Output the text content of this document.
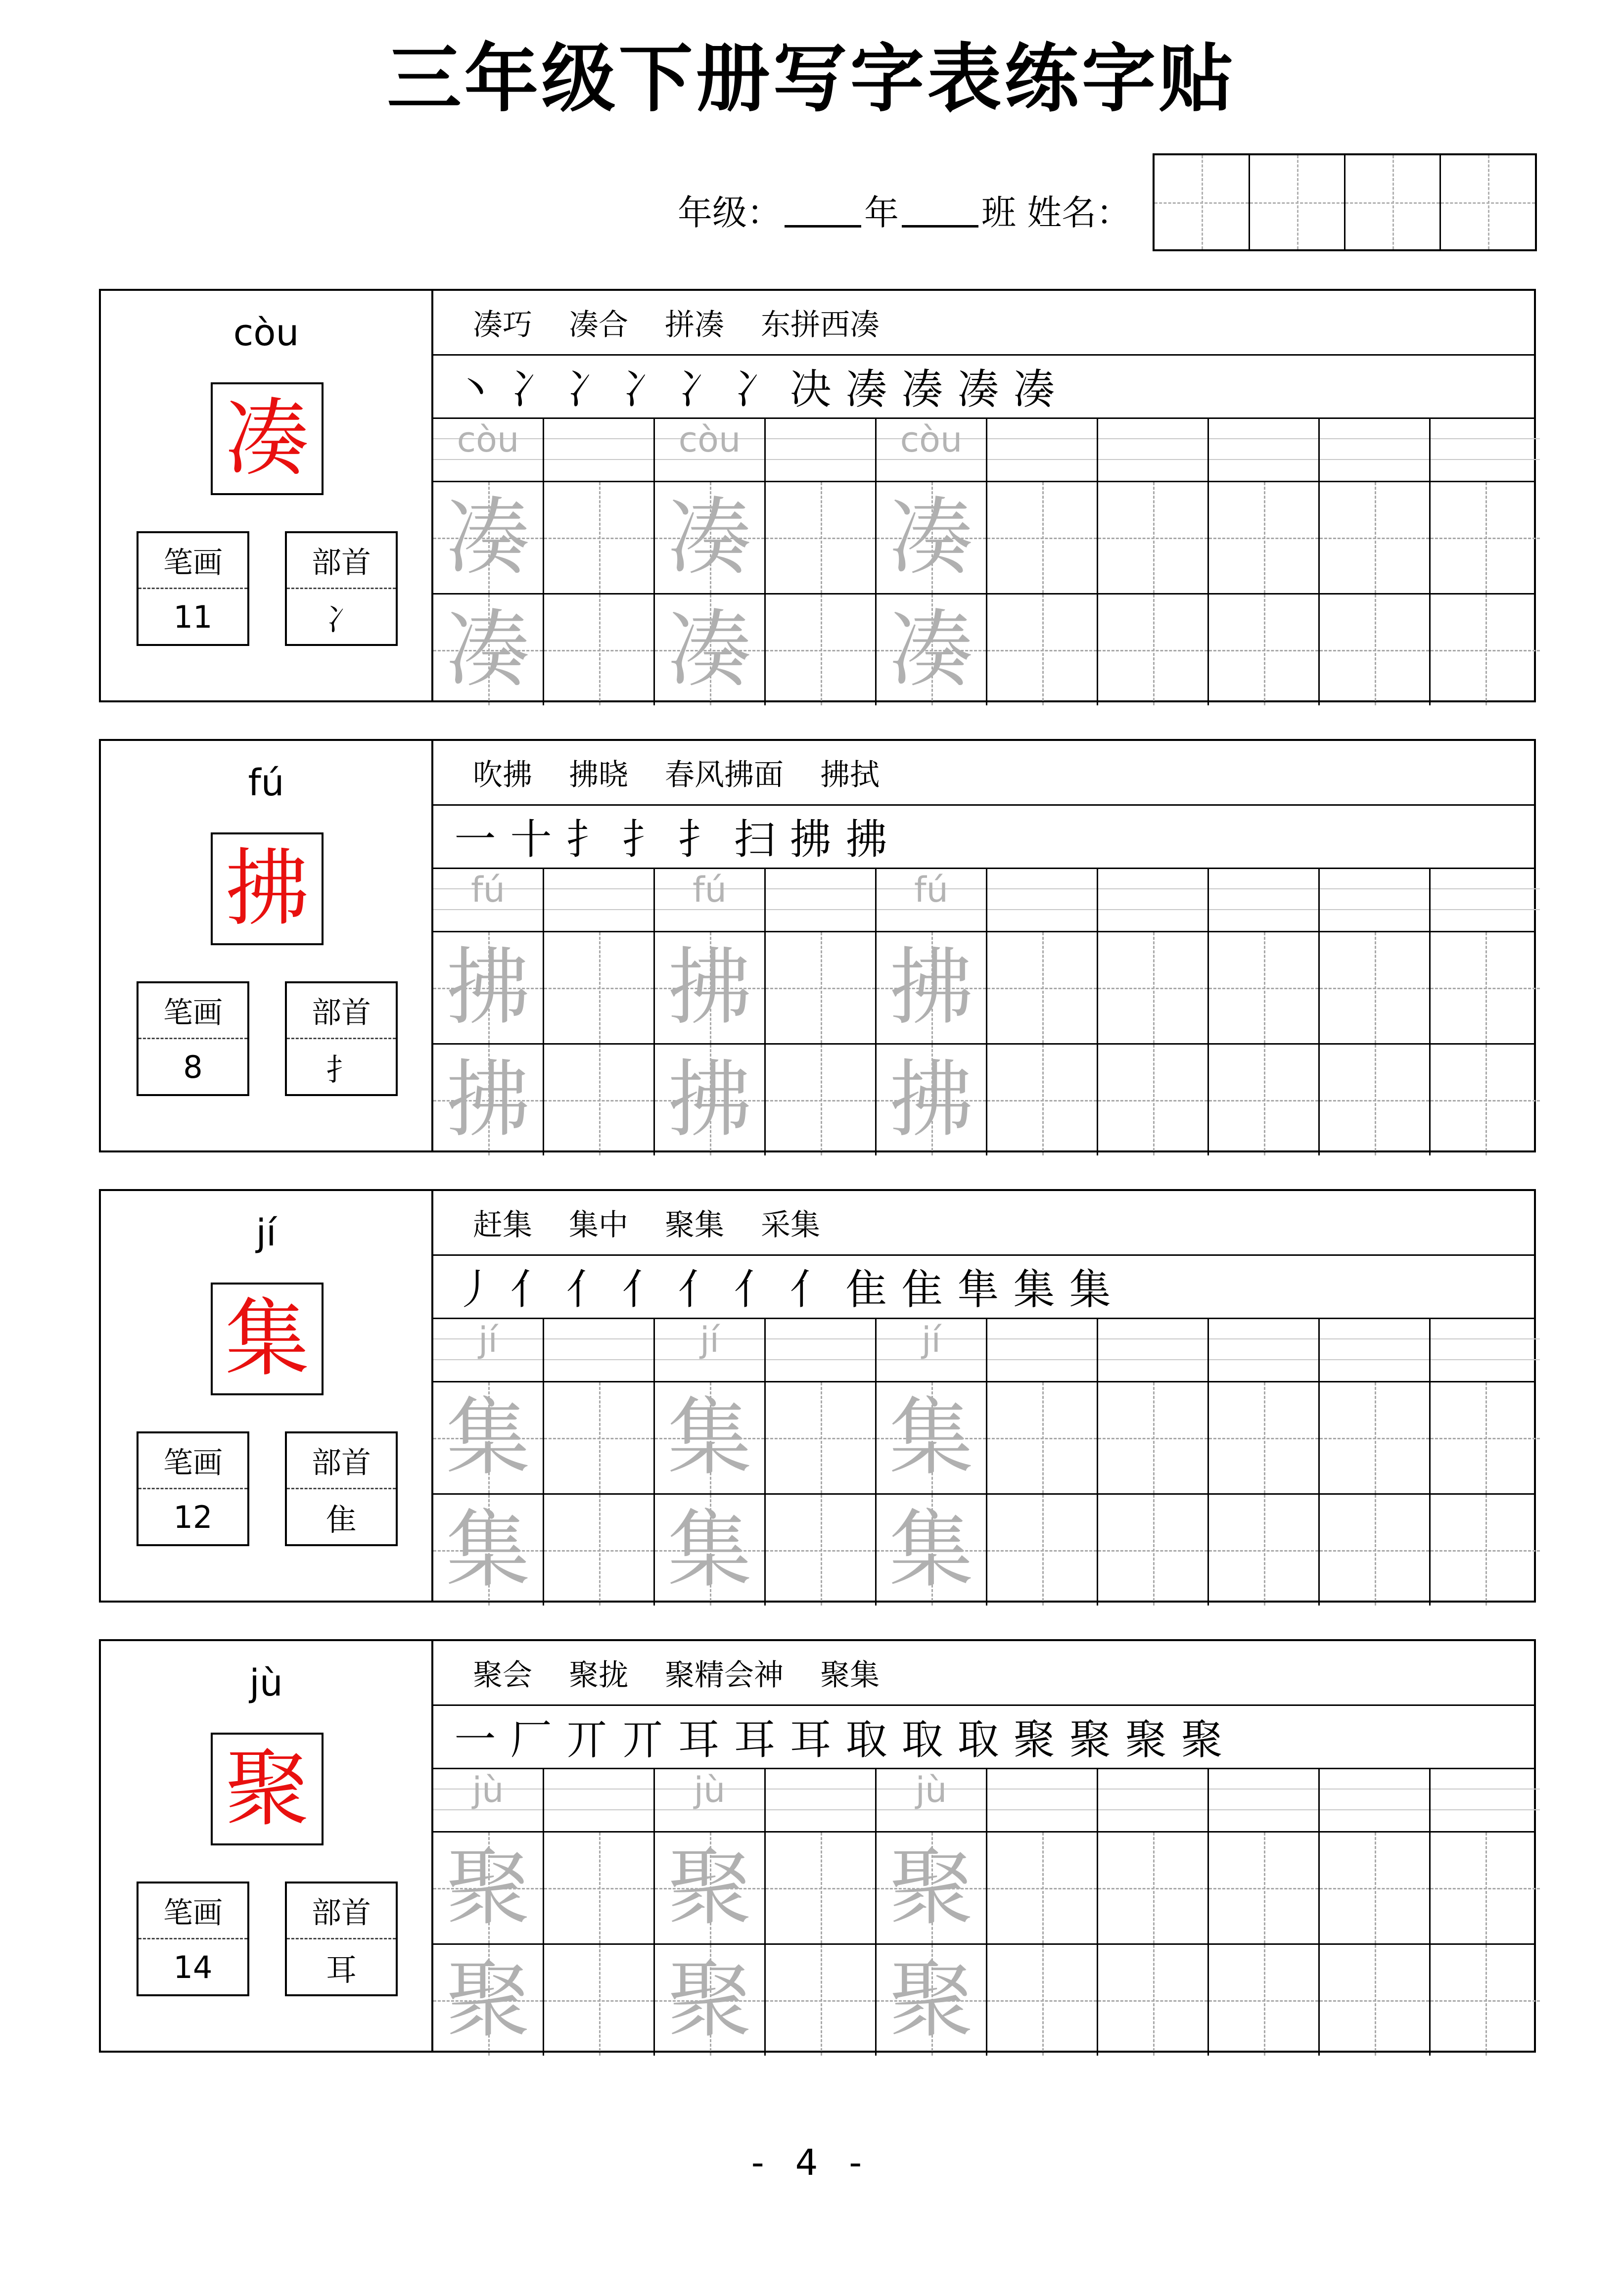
三年级下册写字表练字贴
年级： 年 班 姓名：
còu
凑
笔画
11
部首
冫
凑巧 凑合 拼凑 东拼西凑
丶 冫 冫 冫 冫 冫 决 凑 凑 凑 凑
còu	còu	còu
凑 凑 凑
凑 凑 凑
fú
拂
笔画
8
部首
扌
吹拂 拂晓 春风拂面 拂拭
一 十 扌 扌 扌 扫 拂 拂
fú	fú	fú
拂 拂 拂
拂 拂 拂
jí
集
笔画
12
部首
隹
赶集 集中 聚集 采集
丿 亻 亻 亻 亻 亻 亻 隹 隹 隼 集 集
jí	jí	jí
集 集 集
集 集 集
jù
聚
笔画
14
部首
耳
聚会 聚拢 聚精会神 聚集
一 厂 丌 丌 耳 耳 耳 取 取 取 聚 聚 聚 聚
jù	jù	jù
聚 聚 聚
聚 聚 聚
- 4 -
